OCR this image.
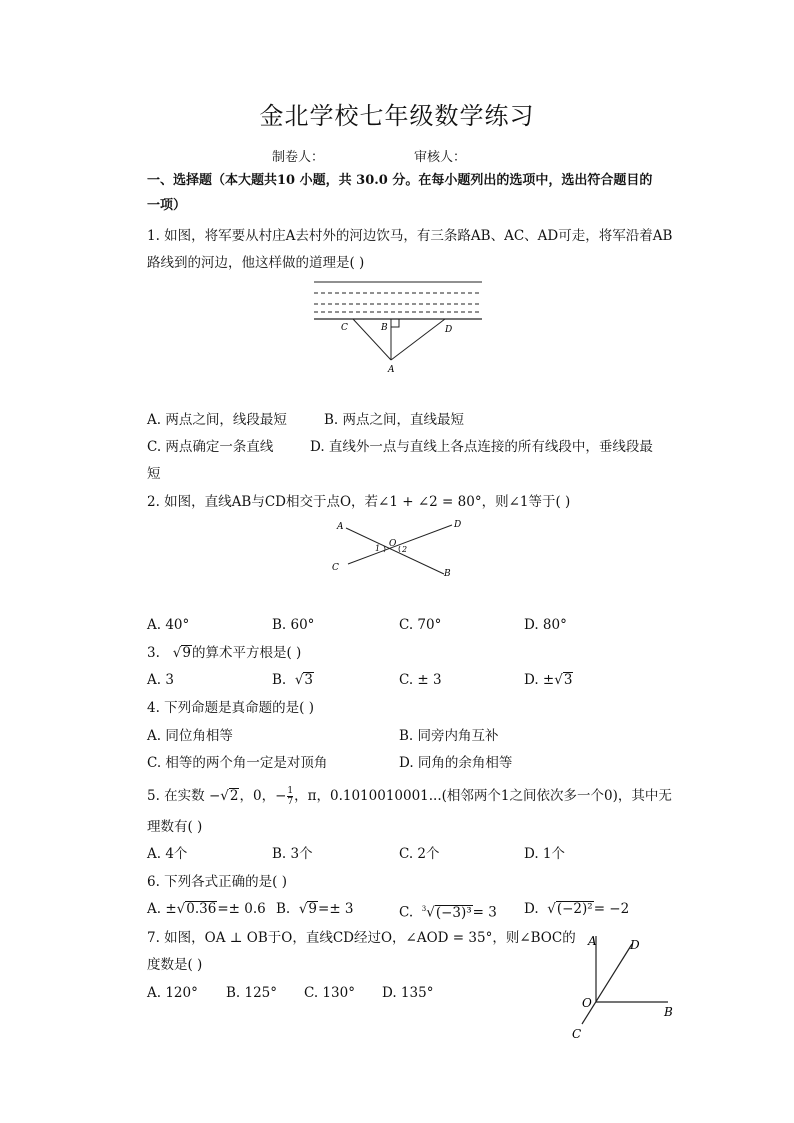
金北学校七年级数学练习
制卷人：	审核人：
一、选择题（本大题共10 小题，共 30.0 分。在每小题列出的选项中，选出符合题目的
一项）
1. 如图，将军要从村庄A去村外的河边饮马，有三条路AB、AC、AD可走，将军沿着AB
路线到的河边，他这样做的道理是( )
C	B	D
A
A. 两点之间，线段最短	B. 两点之间，直线最短
C. 两点确定一条直线	D. 直线外一点与直线上各点连接的所有线段中，垂线段最
短
2. 如图，直线AB与CD相交于点O，若∠1 + ∠2 = 80°，则∠1等于( )
A	D
C
B
O
1	2
A. 40°	B. 60°	C. 70°	D. 80°
3. √9的算术平方根是( )
A. 3	B. √3	C. ± 3	D. ±√3
4. 下列命题是真命题的是( )
A. 同位角相等	B. 同旁内角互补
C. 相等的两个角一定是对顶角	D. 同角的余角相等
5. 在实数 −√2，0，− $\frac{1}{7}$ ，π，0.1010010001...(相邻两个1之间依次多一个0)，其中无
理数有( )
A. 4个	B. 3个	C. 2个	D. 1个
6. 下列各式正确的是( )
A. ±√0.36=± 0.6 B. √9=± 3	C. $^3$√(−3)³= 3 D. √(−2)²= −2
7. 如图，OA ⊥ OB于O，直线CD经过O，∠AOD = 35°，则∠BOC的
度数是( )
A. 120° B. 125° C. 130° D. 135°
A	D
O
B
C
